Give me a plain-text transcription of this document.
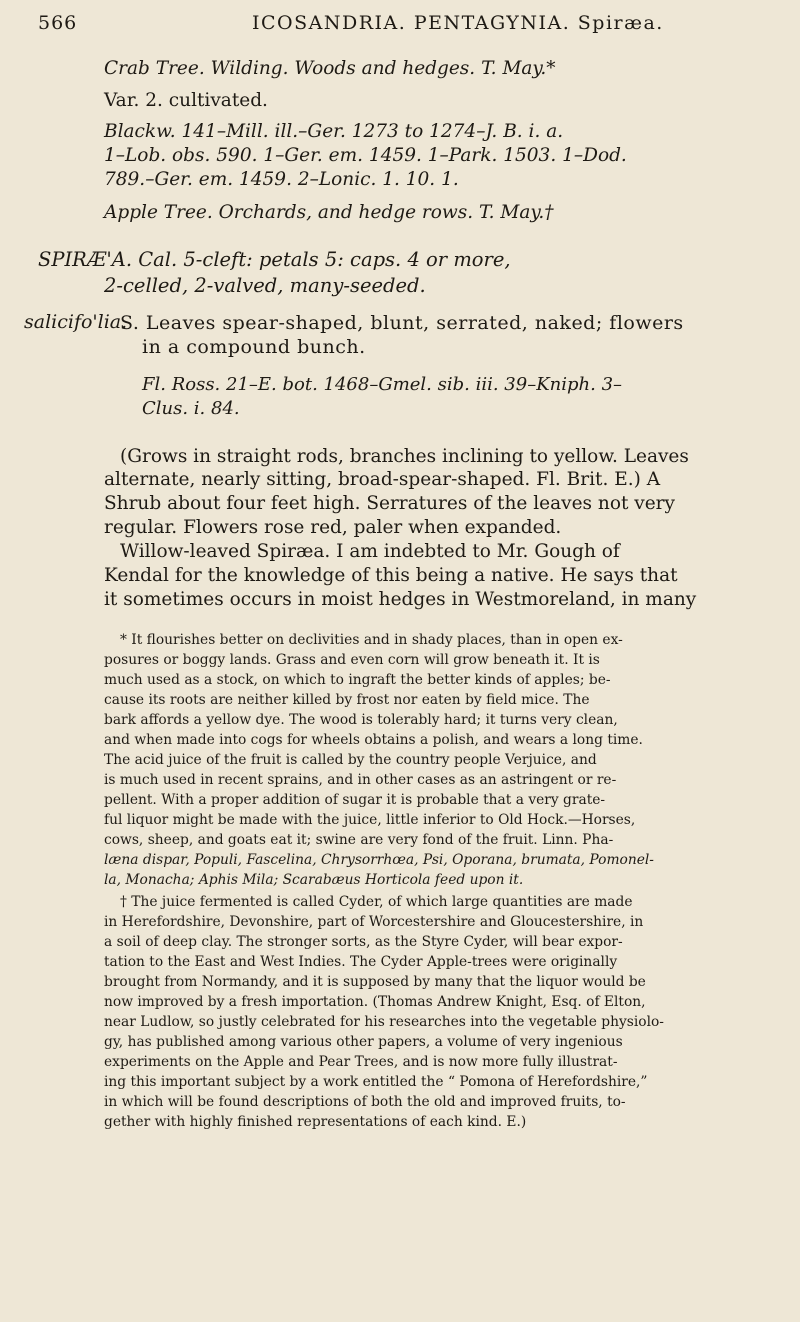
566	ICOSANDRIA. PENTAGYNIA. Spiræa.
salicifo'lia.
Crab Tree. Wilding. Woods and hedges. T. May.*
Var. 2. cultivated.
Blackw. 141–Mill. ill.–Ger. 1273 to 1274–J. B. i. a.
1–Lob. obs. 590. 1–Ger. em. 1459. 1–Park. 1503. 1–Dod.
789.–Ger. em. 1459. 2–Lonic. 1. 10. 1.
Apple Tree. Orchards, and hedge rows. T. May.†
SPIRÆ'A. Cal. 5-cleft: petals 5: caps. 4 or more,
2-celled, 2-valved, many-seeded.
S. Leaves spear-shaped, blunt, serrated, naked; flowers
in a compound bunch.
Fl. Ross. 21–E. bot. 1468–Gmel. sib. iii. 39–Kniph. 3–
Clus. i. 84.
(Grows in straight rods, branches inclining to yellow. Leaves
alternate, nearly sitting, broad-spear-shaped. Fl. Brit. E.) A
Shrub about four feet high. Serratures of the leaves not very
regular. Flowers rose red, paler when expanded.
Willow-leaved Spiræa. I am indebted to Mr. Gough of
Kendal for the knowledge of this being a native. He says that
it sometimes occurs in moist hedges in Westmoreland, in many
* It flourishes better on declivities and in shady places, than in open ex-
posures or boggy lands. Grass and even corn will grow beneath it. It is
much used as a stock, on which to ingraft the better kinds of apples; be-
cause its roots are neither killed by frost nor eaten by field mice. The
bark affords a yellow dye. The wood is tolerably hard; it turns very clean,
and when made into cogs for wheels obtains a polish, and wears a long time.
The acid juice of the fruit is called by the country people Verjuice, and
is much used in recent sprains, and in other cases as an astringent or re-
pellent. With a proper addition of sugar it is probable that a very grate-
ful liquor might be made with the juice, little inferior to Old Hock.—Horses,
cows, sheep, and goats eat it; swine are very fond of the fruit. Linn. Pha-
læna dispar, Populi, Fascelina, Chrysorrhœa, Psi, Oporana, brumata, Pomonel-
la, Monacha; Aphis Mila; Scarabæus Horticola feed upon it.
† The juice fermented is called Cyder, of which large quantities are made
in Herefordshire, Devonshire, part of Worcestershire and Gloucestershire, in
a soil of deep clay. The stronger sorts, as the Styre Cyder, will bear expor-
tation to the East and West Indies. The Cyder Apple-trees were originally
brought from Normandy, and it is supposed by many that the liquor would be
now improved by a fresh importation. (Thomas Andrew Knight, Esq. of Elton,
near Ludlow, so justly celebrated for his researches into the vegetable physiolo-
gy, has published among various other papers, a volume of very ingenious
experiments on the Apple and Pear Trees, and is now more fully illustrat-
ing this important subject by a work entitled the “ Pomona of Herefordshire,”
in which will be found descriptions of both the old and improved fruits, to-
gether with highly finished representations of each kind. E.)
